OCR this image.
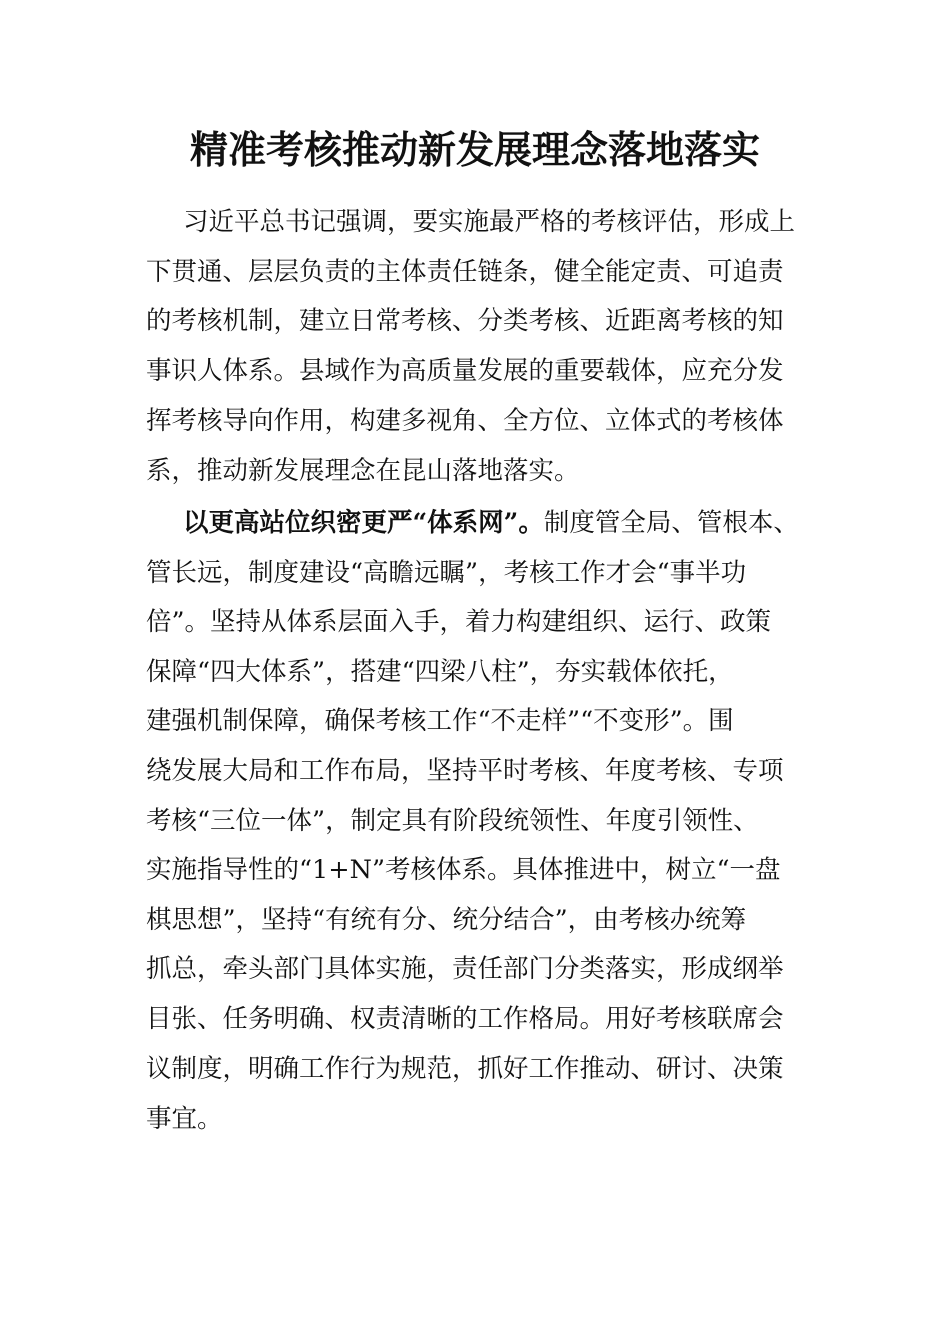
精准考核推动新发展理念落地落实
习近平总书记强调，要实施最严格的考核评估，形成上
下贯通、层层负责的主体责任链条，健全能定责、可追责
的考核机制，建立日常考核、分类考核、近距离考核的知
事识人体系。县域作为高质量发展的重要载体，应充分发
挥考核导向作用，构建多视角、全方位、立体式的考核体
系，推动新发展理念在昆山落地落实。
以更高站位织密更严“体系网”。制度管全局、管根本、
管长远，制度建设“高瞻远瞩”，考核工作才会“事半功
倍”。坚持从体系层面入手，着力构建组织、运行、政策
保障“四大体系”，搭建“四梁八柱”，夯实载体依托，
建强机制保障，确保考核工作“不走样”“不变形”。围
绕发展大局和工作布局，坚持平时考核、年度考核、专项
考核“三位一体”，制定具有阶段统领性、年度引领性、
实施指导性的“1+N”考核体系。具体推进中，树立“一盘
棋思想”，坚持“有统有分、统分结合”，由考核办统筹
抓总，牵头部门具体实施，责任部门分类落实，形成纲举
目张、任务明确、权责清晰的工作格局。用好考核联席会
议制度，明确工作行为规范，抓好工作推动、研讨、决策
事宜。
